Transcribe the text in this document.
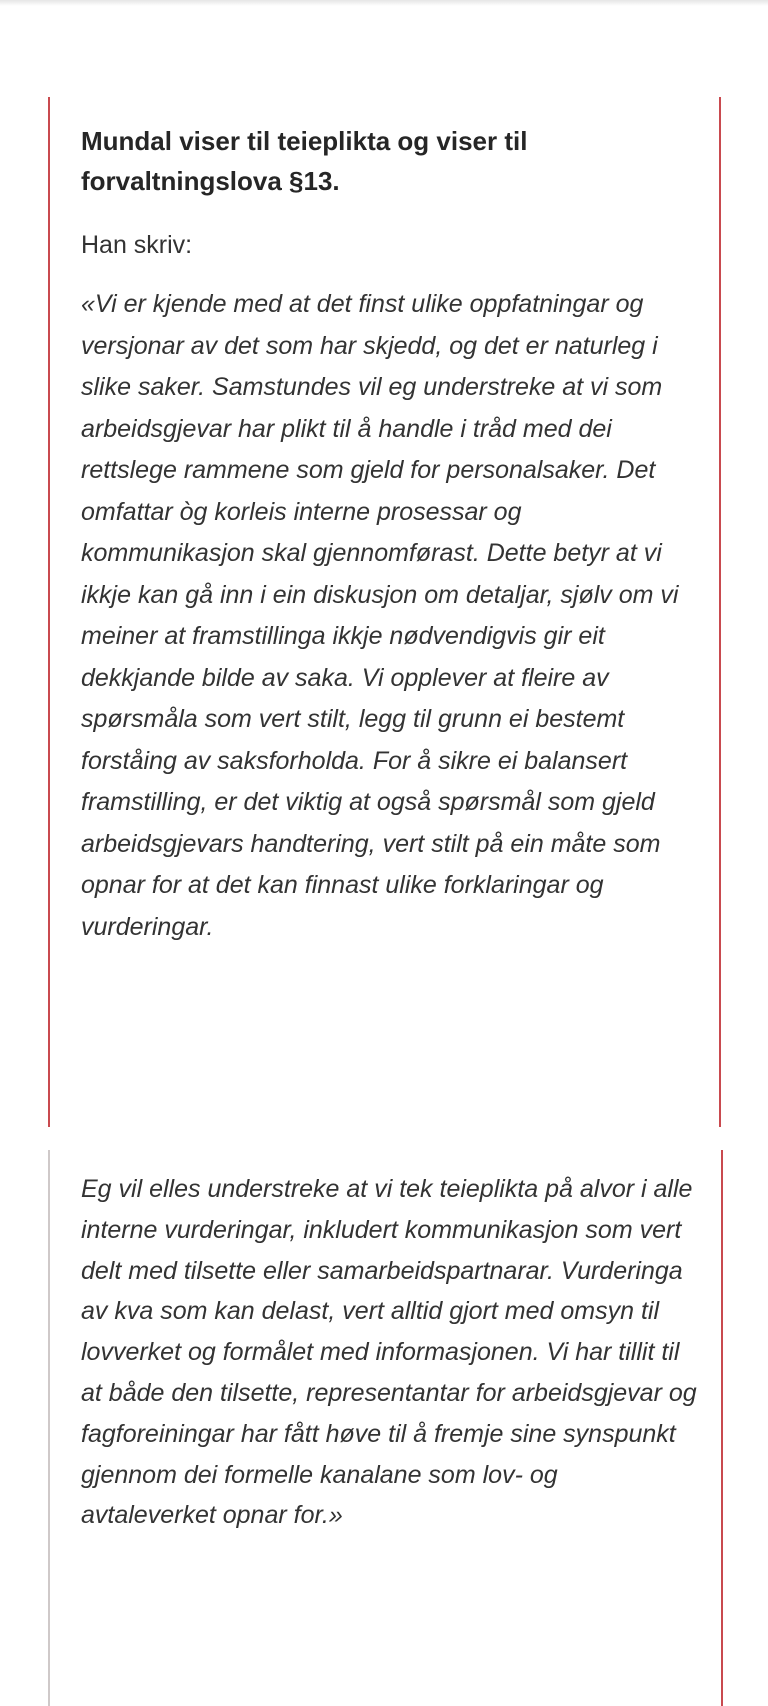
Mundal viser til teieplikta og viser til forvaltningslova §13.

Han skriv:

«Vi er kjende med at det finst ulike oppfatningar og versjonar av det som har skjedd, og det er naturleg i slike saker. Samstundes vil eg understreke at vi som arbeidsgjevar har plikt til å handle i tråd med dei rettslege rammene som gjeld for personalsaker. Det omfattar òg korleis interne prosessar og kommunikasjon skal gjennomførast. Dette betyr at vi ikkje kan gå inn i ein diskusjon om detaljar, sjølv om vi meiner at framstillinga ikkje nødvendigvis gir eit dekkjande bilde av saka. Vi opplever at fleire av spørsmåla som vert stilt, legg til grunn ei bestemt forståing av saksforholda. For å sikre ei balansert framstilling, er det viktig at også spørsmål som gjeld arbeidsgjevars handtering, vert stilt på ein måte som opnar for at det kan finnast ulike forklaringar og vurderingar.

Eg vil elles understreke at vi tek teieplikta på alvor i alle interne vurderingar, inkludert kommunikasjon som vert delt med tilsette eller samarbeidspartnarar. Vurderinga av kva som kan delast, vert alltid gjort med omsyn til lovverket og formålet med informasjonen. Vi har tillit til at både den tilsette, representantar for arbeidsgjevar og fagforeiningar har fått høve til å fremje sine synspunkt gjennom dei formelle kanalane som lov- og avtaleverket opnar for.»
